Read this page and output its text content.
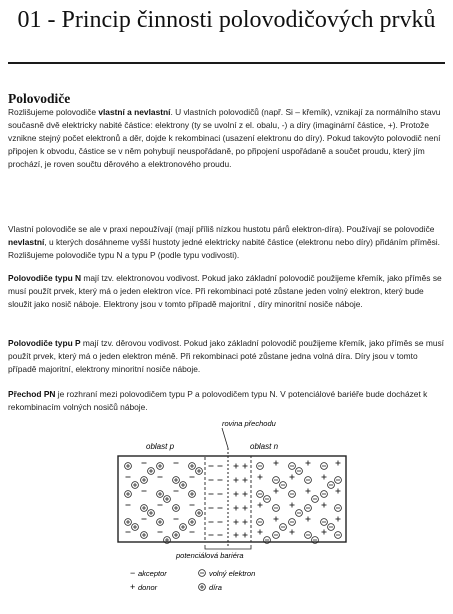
01 - Princip činnosti polovodičových prvků
Polovodiče

Rozlišujeme polovodiče vlastní a nevlastní. U vlastních polovodičů (např. Si – křemík), vznikají za normálního stavu současně dvě elektricky nabité částice: elektrony (ty se uvolní z el. obalu, -) a díry (imaginární částice, +). Protože vznikne stejný počet elektronů a děr, dojde k rekombinaci (usazení elektronu do díry). Pokud takovýto polovodič není připojen k obvodu, částice se v něm pohybují neuspořádaně, po připojení uspořádaně a součet proudu, který jím prochází, je roven součtu děrového a elektronového proudu.

Vlastní polovodiče se ale v praxi nepoužívají (mají příliš nízkou hustotu párů elektron-díra). Používají se polovodiče nevlastní, u kterých dosáhneme vyšší hustoty jedné elektricky nabité částice (elektronu nebo díry) přidáním příměsi. Rozlišujeme polovodiče typu N a typu P (podle typu vodivosti).

Polovodiče typu N mají tzv. elektronovou vodivost. Pokud jako základní polovodič použijeme křemík, jako příměs se musí použít prvek, který má o jeden elektron více. Při rekombinaci poté zůstane jeden volný elektron, který bude sloužit jako nosič náboje. Elektrony jsou v tomto případě majoritní , díry minoritní nosiče náboje.

Polovodiče typu P mají tzv. děrovou vodivost. Pokud jako základní polovodič použijeme křemík, jako příměs se musí použít prvek, který má o jeden elektron méně. Při rekombinaci poté zůstane jedna volná díra. Díry jsou v tomto případě majoritní, elektrony minoritní nosiče náboje.

Přechod PN je rozhraní mezi polovodičem typu P a polovodičem typu N. V potenciálové bariéře bude docházet k rekombinacím volných nosičů náboje.

rovina přechodu
oblast p	oblast n
potenciálová bariéra
− akceptor
+ donor
volný elektron
díra
